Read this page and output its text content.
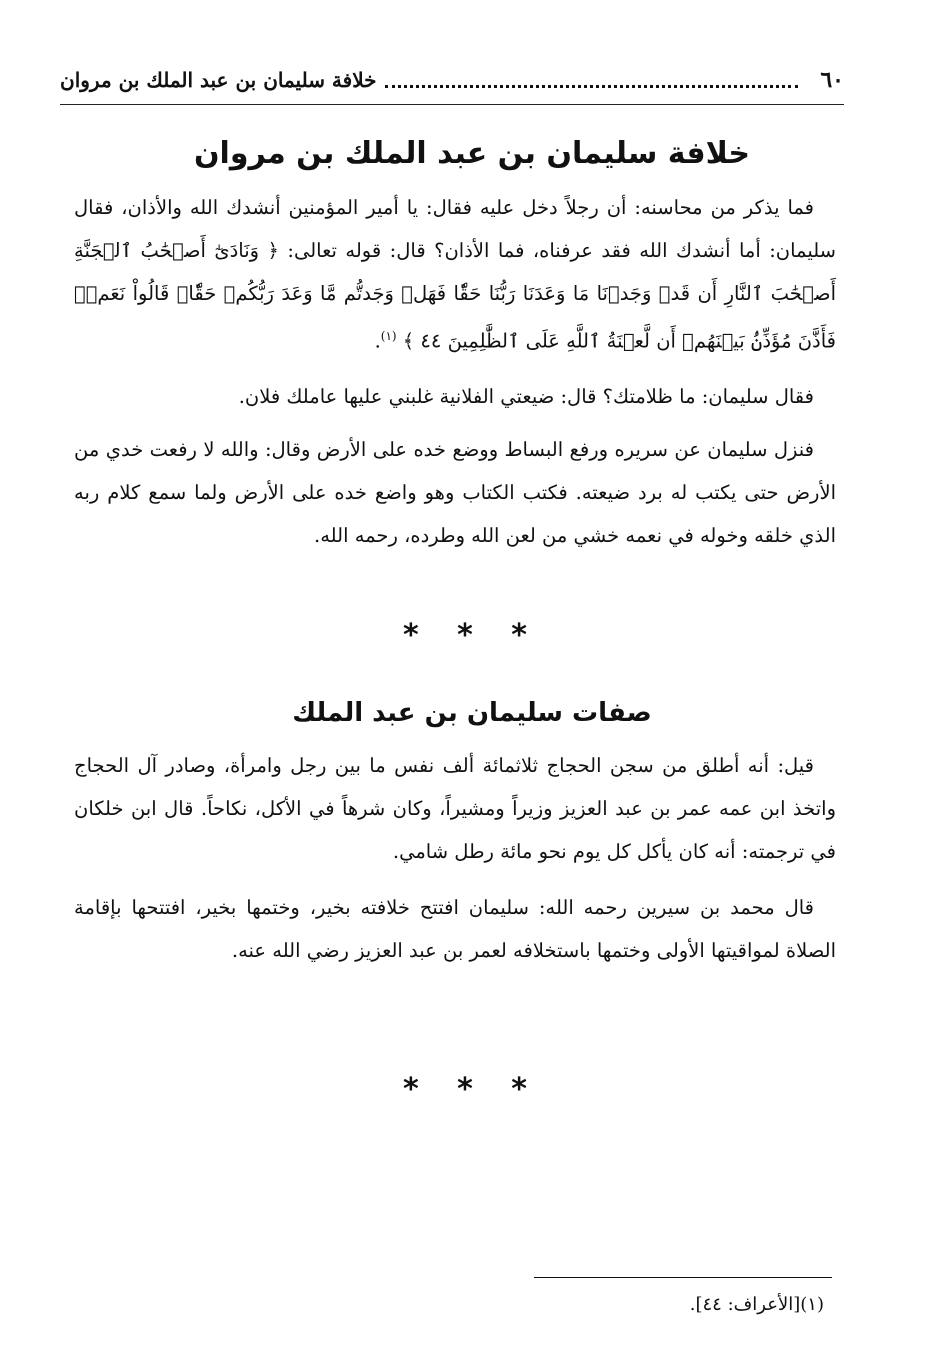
٦٠
خلافة سليمان بن عبد الملك بن مروان
خلافة سليمان بن عبد الملك بن مروان
فما يذكر من محاسنه: أن رجلاً دخل عليه فقال: يا أمير المؤمنين أنشدك الله والأذان، فقال سليمان: أما أنشدك الله فقد عرفناه، فما الأذان؟ قال: قوله تعالى: ﴿ وَنَادَىٰٓ أَصۡحَٰبُ ٱلۡجَنَّةِ أَصۡحَٰبَ ٱلنَّارِ أَن قَدۡ وَجَدۡنَا مَا وَعَدَنَا رَبُّنَا حَقّٗا فَهَلۡ وَجَدتُّم مَّا وَعَدَ رَبُّكُمۡ حَقّٗاۖ قَالُواْ نَعَمۡۚ فَأَذَّنَ مُؤَذِّنُۢ بَيۡنَهُمۡ أَن لَّعۡنَةُ ٱللَّهِ عَلَى ٱلظَّٰلِمِينَ ٤٤ ﴾ $^{(١)}$.
فقال سليمان: ما ظلامتك؟ قال: ضيعتي الفلانية غلبني عليها عاملك فلان.
فنزل سليمان عن سريره ورفع البساط ووضع خده على الأرض وقال: والله لا رفعت خدي من الأرض حتى يكتب له برد ضيعته. فكتب الكتاب وهو واضع خده على الأرض ولما سمع كلام ربه الذي خلقه وخوله في نعمه خشي من لعن الله وطرده، رحمه الله.
* * *
صفات سليمان بن عبد الملك
قيل: أنه أطلق من سجن الحجاج ثلاثمائة ألف نفس ما بين رجل وامرأة، وصادر آل الحجاج واتخذ ابن عمه عمر بن عبد العزيز وزيراً ومشيراً، وكان شرهاً في الأكل، نكاحاً. قال ابن خلكان في ترجمته: أنه كان يأكل كل يوم نحو مائة رطل شامي.
قال محمد بن سيرين رحمه الله: سليمان افتتح خلافته بخير، وختمها بخير، افتتحها بإقامة الصلاة لمواقيتها الأولى وختمها باستخلافه لعمر بن عبد العزيز رضي الله عنه.
* * *
(١)[الأعراف: ٤٤].
